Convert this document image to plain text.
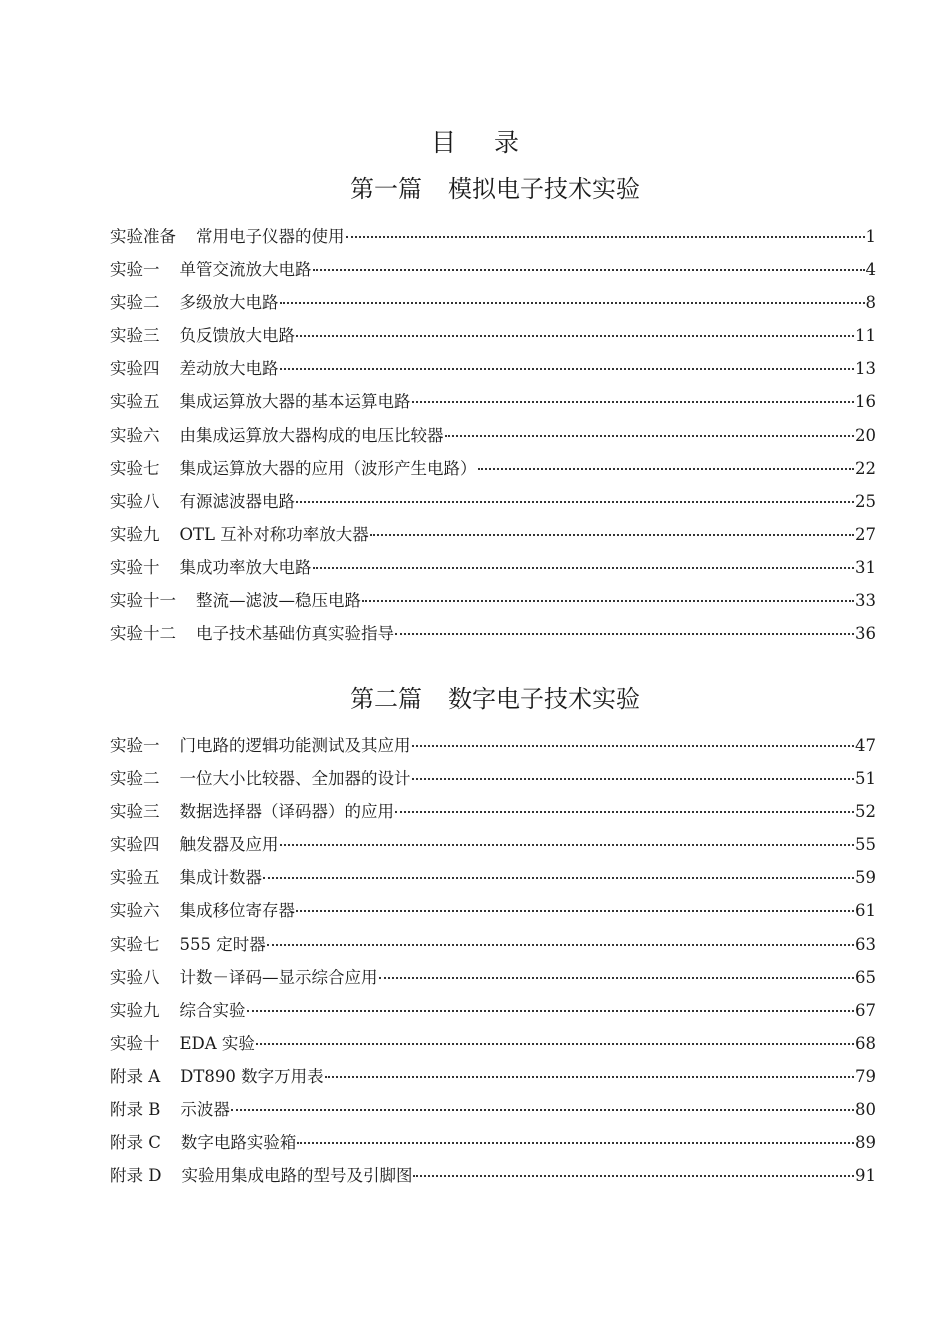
目 录
第一篇 模拟电子技术实验
实验准备 常用电子仪器的使用	1
实验一 单管交流放大电路	4
实验二 多级放大电路	8
实验三 负反馈放大电路	11
实验四 差动放大电路	13
实验五 集成运算放大器的基本运算电路	16
实验六 由集成运算放大器构成的电压比较器	20
实验七 集成运算放大器的应用（波形产生电路）	22
实验八 有源滤波器电路	25
实验九 OTL 互补对称功率放大器	27
实验十 集成功率放大电路	31
实验十一 整流—滤波—稳压电路	33
实验十二 电子技术基础仿真实验指导	36
第二篇 数字电子技术实验
实验一 门电路的逻辑功能测试及其应用	47
实验二 一位大小比较器、全加器的设计	51
实验三 数据选择器（译码器）的应用	52
实验四 触发器及应用	55
实验五 集成计数器	59
实验六 集成移位寄存器	61
实验七 555 定时器	63
实验八 计数－译码—显示综合应用	65
实验九 综合实验	67
实验十 EDA 实验	68
附录 A DT890 数字万用表	79
附录 B 示波器	80
附录 C 数字电路实验箱	89
附录 D 实验用集成电路的型号及引脚图	91
